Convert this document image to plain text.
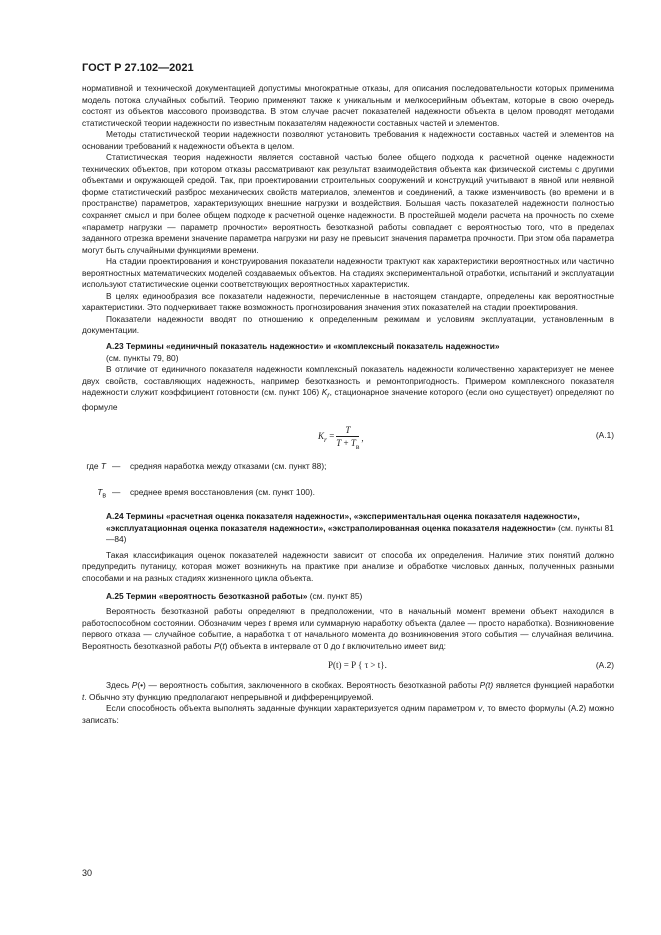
ГОСТ Р 27.102—2021

нормативной и технической документацией допустимы многократные отказы, для описания последовательности которых применима модель потока случайных событий. Теорию применяют также к уникальным и мелкосерийным объектам, которые в свою очередь состоят из объектов массового производства. В этом случае расчет показателей надежности объекта в целом проводят методами статистической теории надежности по известным показателям надежности составных частей и элементов.

Методы статистической теории надежности позволяют установить требования к надежности составных частей и элементов на основании требований к надежности объекта в целом.

Статистическая теория надежности является составной частью более общего подхода к расчетной оценке надежности технических объектов, при котором отказы рассматривают как результат взаимодействия объекта как физической системы с другими объектами и окружающей средой. Так, при проектировании строительных сооружений и конструкций учитывают в явной или неявной форме статистический разброс механических свойств материалов, элементов и соединений, а также изменчивость (во времени и в пространстве) параметров, характеризующих внешние нагрузки и воздействия. Большая часть показателей надежности полностью сохраняет смысл и при более общем подходе к расчетной оценке надежности. В простейшей модели расчета на прочность по схеме «параметр нагрузки — параметр прочности» вероятность безотказной работы совпадает с вероятностью того, что в пределах заданного отрезка времени значение параметра нагрузки ни разу не превысит значения параметра прочности. При этом оба параметра могут быть случайными функциями времени.

На стадии проектирования и конструирования показатели надежности трактуют как характеристики вероятностных или частично вероятностных математических моделей создаваемых объектов. На стадиях экспериментальной отработки, испытаний и эксплуатации используют статистические оценки соответствующих вероятностных характеристик.

В целях единообразия все показатели надежности, перечисленные в настоящем стандарте, определены как вероятностные характеристики. Это подчеркивает также возможность прогнозирования значения этих показателей на стадии проектирования.

Показатели надежности вводят по отношению к определенным режимам и условиям эксплуатации, установленным в документации.

А.23 Термины «единичный показатель надежности» и «комплексный показатель надежности»

(см. пункты 79, 80)

В отличие от единичного показателя надежности комплексный показатель надежности количественно характеризует не менее двух свойств, составляющих надежность, например безотказность и ремонтопригодность. Примером комплексного показателя надежности служит коэффициент готовности (см. пункт 106) $K_r$, стационарное значение которого (если оно существует) определяют по формуле

$K_r = \frac{T}{T + T_в}$ ,	(А.1)
где T —	средняя наработка между отказами (см. пункт 88);
$T_в$ —	среднее время восстановления (см. пункт 100).

А.24 Термины «расчетная оценка показателя надежности», «экспериментальная оценка показателя надежности», «эксплуатационная оценка показателя надежности», «экстраполированная оценка показателя надежности» (см. пункты 81—84)

Такая классификация оценок показателей надежности зависит от способа их определения. Наличие этих понятий должно предупредить путаницу, которая может возникнуть на практике при анализе и обработке числовых данных, полученных разными способами и на разных стадиях жизненного цикла объекта.

А.25 Термин «вероятность безотказной работы» (см. пункт 85)

Вероятность безотказной работы определяют в предположении, что в начальный момент времени объект находился в работоспособном состоянии. Обозначим через t время или суммарную наработку объекта (далее — просто наработка). Возникновение первого отказа — случайное событие, а наработка τ от начального момента до возникновения этого события — случайная величина. Вероятность безотказной работы P(t) объекта в интервале от 0 до t включительно имеет вид:

P(t) = P { τ > t}.	(А.2)

Здесь P(•) — вероятность события, заключенного в скобках. Вероятность безотказной работы P(t) является функцией наработки t. Обычно эту функцию предполагают непрерывной и дифференцируемой.

Если способность объекта выполнять заданные функции характеризуется одним параметром v, то вместо формулы (А.2) можно записать:

30
